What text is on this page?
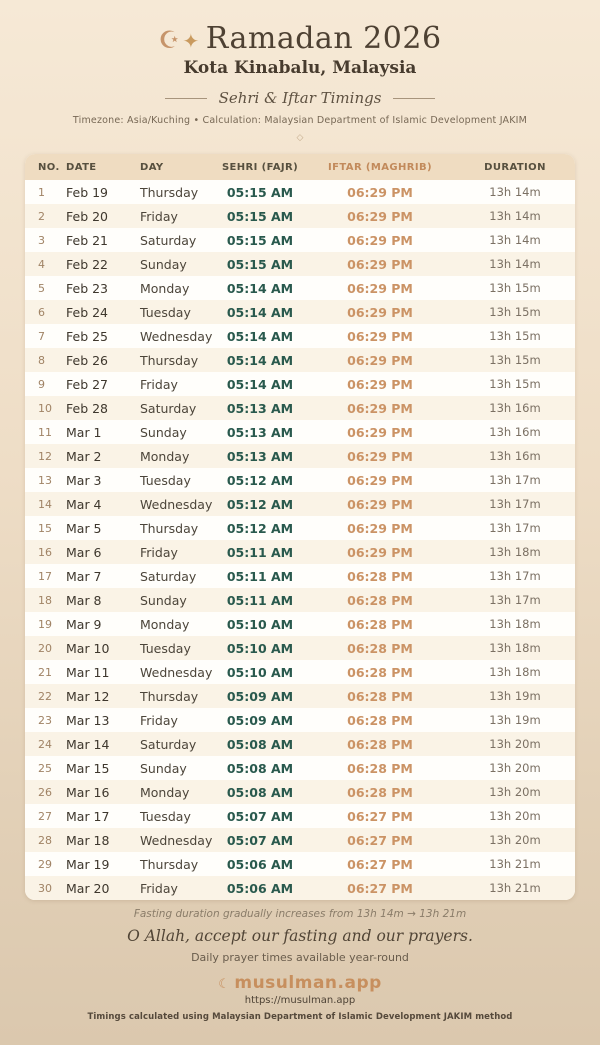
☪ ✦ Ramadan 2026
Kota Kinabalu, Malaysia
Sehri & Iftar Timings
Timezone: Asia/Kuching • Calculation: Malaysian Department of Islamic Development JAKIM
◇
NO.	DATE	DAY	SEHRI (FAJR)	IFTAR (MAGHRIB)	DURATION
1	Feb 19	Thursday	05:15 AM	06:29 PM	13h 14m
2	Feb 20	Friday	05:15 AM	06:29 PM	13h 14m
3	Feb 21	Saturday	05:15 AM	06:29 PM	13h 14m
4	Feb 22	Sunday	05:15 AM	06:29 PM	13h 14m
5	Feb 23	Monday	05:14 AM	06:29 PM	13h 15m
6	Feb 24	Tuesday	05:14 AM	06:29 PM	13h 15m
7	Feb 25	Wednesday	05:14 AM	06:29 PM	13h 15m
8	Feb 26	Thursday	05:14 AM	06:29 PM	13h 15m
9	Feb 27	Friday	05:14 AM	06:29 PM	13h 15m
10	Feb 28	Saturday	05:13 AM	06:29 PM	13h 16m
11	Mar 1	Sunday	05:13 AM	06:29 PM	13h 16m
12	Mar 2	Monday	05:13 AM	06:29 PM	13h 16m
13	Mar 3	Tuesday	05:12 AM	06:29 PM	13h 17m
14	Mar 4	Wednesday	05:12 AM	06:29 PM	13h 17m
15	Mar 5	Thursday	05:12 AM	06:29 PM	13h 17m
16	Mar 6	Friday	05:11 AM	06:29 PM	13h 18m
17	Mar 7	Saturday	05:11 AM	06:28 PM	13h 17m
18	Mar 8	Sunday	05:11 AM	06:28 PM	13h 17m
19	Mar 9	Monday	05:10 AM	06:28 PM	13h 18m
20	Mar 10	Tuesday	05:10 AM	06:28 PM	13h 18m
21	Mar 11	Wednesday	05:10 AM	06:28 PM	13h 18m
22	Mar 12	Thursday	05:09 AM	06:28 PM	13h 19m
23	Mar 13	Friday	05:09 AM	06:28 PM	13h 19m
24	Mar 14	Saturday	05:08 AM	06:28 PM	13h 20m
25	Mar 15	Sunday	05:08 AM	06:28 PM	13h 20m
26	Mar 16	Monday	05:08 AM	06:28 PM	13h 20m
27	Mar 17	Tuesday	05:07 AM	06:27 PM	13h 20m
28	Mar 18	Wednesday	05:07 AM	06:27 PM	13h 20m
29	Mar 19	Thursday	05:06 AM	06:27 PM	13h 21m
30	Mar 20	Friday	05:06 AM	06:27 PM	13h 21m
Fasting duration gradually increases from 13h 14m → 13h 21m
O Allah, accept our fasting and our prayers.
Daily prayer times available year-round
☾ musulman.app
https://musulman.app
Timings calculated using Malaysian Department of Islamic Development JAKIM method
